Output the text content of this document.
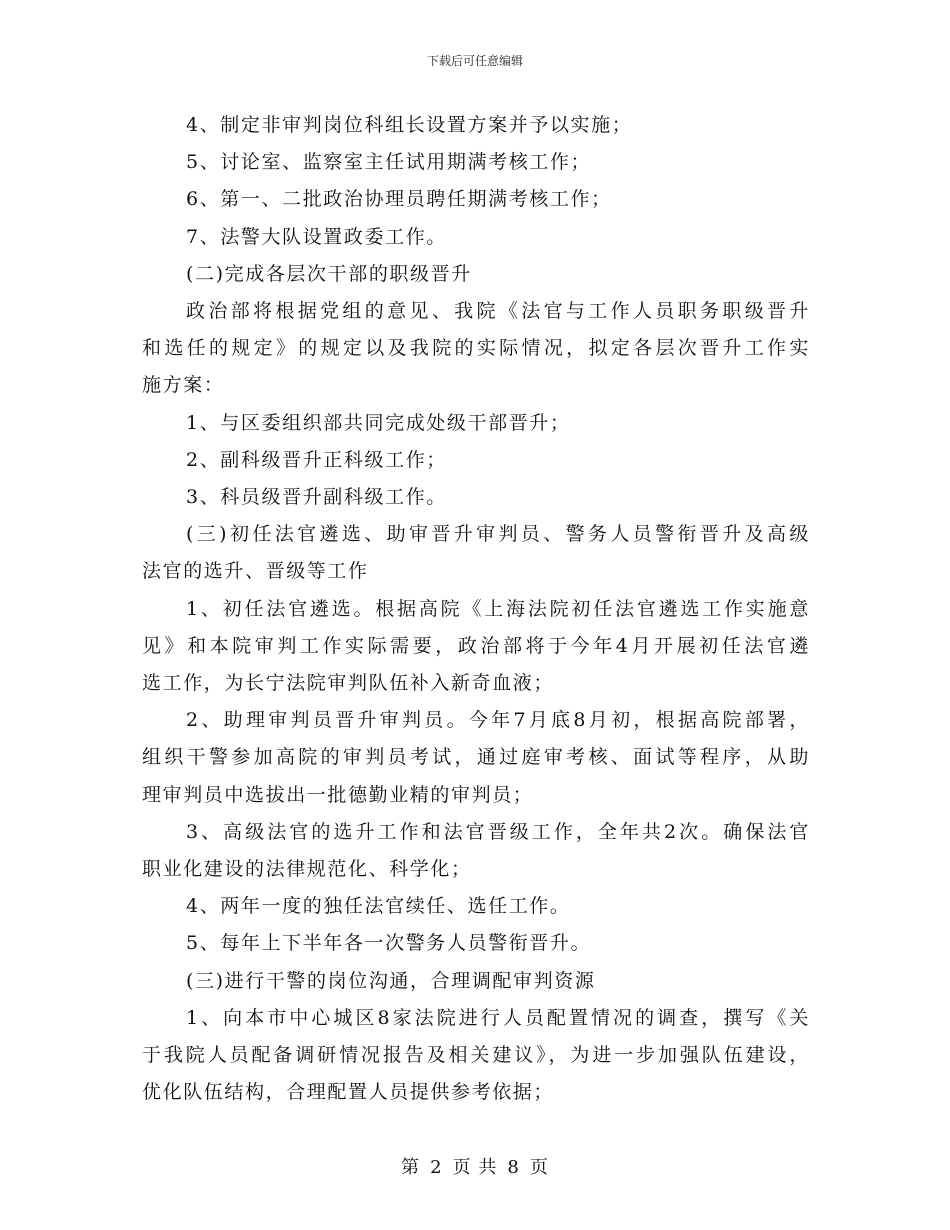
下载后可任意编辑

4、制定非审判岗位科组长设置方案并予以实施；

5、讨论室、监察室主任试用期满考核工作；

6、第一、二批政治协理员聘任期满考核工作；

7、法警大队设置政委工作。

(二)完成各层次干部的职级晋升

政治部将根据党组的意见、我院《法官与工作人员职务职级晋升

和选任的规定》的规定以及我院的实际情况，拟定各层次晋升工作实

施方案：

1、与区委组织部共同完成处级干部晋升；

2、副科级晋升正科级工作；

3、科员级晋升副科级工作。

(三)初任法官遴选、助审晋升审判员、警务人员警衔晋升及高级

法官的选升、晋级等工作

1、初任法官遴选。根据高院《上海法院初任法官遴选工作实施意

见》和本院审判工作实际需要，政治部将于今年4月开展初任法官遴

选工作，为长宁法院审判队伍补入新奇血液；

2、助理审判员晋升审判员。今年7月底8月初，根据高院部署，

组织干警参加高院的审判员考试，通过庭审考核、面试等程序，从助

理审判员中选拔出一批德勤业精的审判员；

3、高级法官的选升工作和法官晋级工作，全年共2次。确保法官

职业化建设的法律规范化、科学化；

4、两年一度的独任法官续任、选任工作。

5、每年上下半年各一次警务人员警衔晋升。

(三)进行干警的岗位沟通，合理调配审判资源

1、向本市中心城区8家法院进行人员配置情况的调查，撰写《关

于我院人员配备调研情况报告及相关建议》，为进一步加强队伍建设，

优化队伍结构，合理配置人员提供参考依据；

第 2 页 共 8 页
